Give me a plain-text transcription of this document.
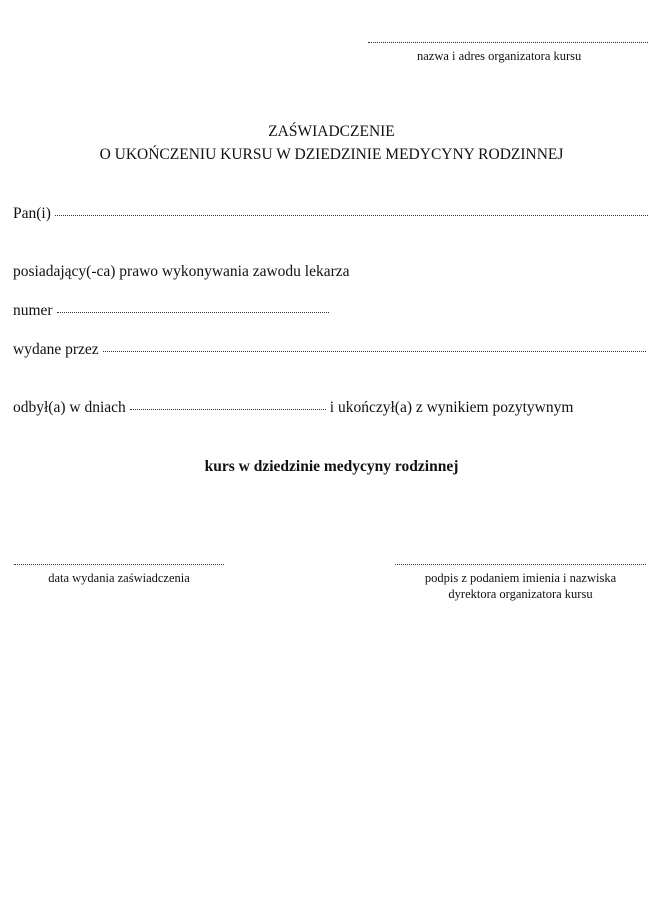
nazwa i adres organizatora kursu
ZAŚWIADCZENIE
O UKOŃCZENIU KURSU W DZIEDZINIE MEDYCYNY RODZINNEJ
Pan(i)
posiadający(-ca) prawo wykonywania zawodu lekarza
numer
wydane przez
odbył(a) w dniach	i ukończył(a) z wynikiem pozytywnym
kurs w dziedzinie medycyny rodzinnej
data wydania zaświadczenia	podpis z podaniem imienia i nazwiska
dyrektora organizatora kursu
